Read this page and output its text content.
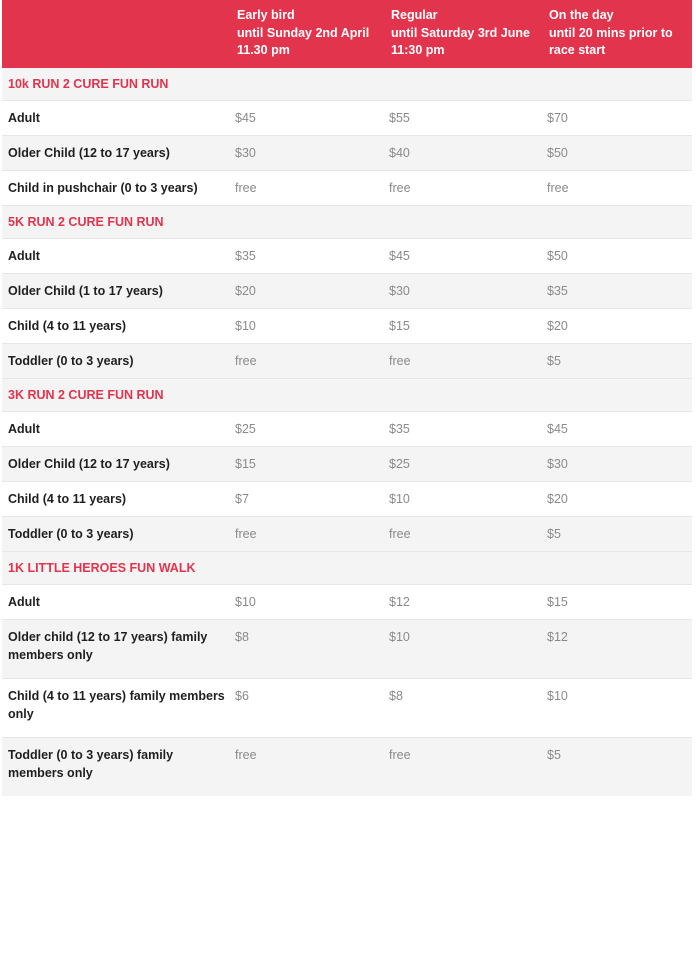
	Early bird
until Sunday 2nd April
11.30 pm	Regular
until Saturday 3rd June
11:30 pm	On the day
until 20 mins prior to
race start

10k RUN 2 CURE FUN RUN			
Adult	$45	$55	$70
Older Child (12 to 17 years)	$30	$40	$50
Child in pushchair (0 to 3 years)	free	free	free
5K RUN 2 CURE FUN RUN			
Adult	$35	$45	$50
Older Child (1 to 17 years)	$20	$30	$35
Child (4 to 11 years)	$10	$15	$20
Toddler (0 to 3 years)	free	free	$5
3K RUN 2 CURE FUN RUN			
Adult	$25	$35	$45
Older Child (12 to 17 years)	$15	$25	$30
Child (4 to 11 years)	$7	$10	$20
Toddler (0 to 3 years)	free	free	$5
1K LITTLE HEROES FUN WALK			
Adult	$10	$12	$15
Older child (12 to 17 years) family members only	$8	$10	$12
Child (4 to 11 years) family members only	$6	$8	$10
Toddler (0 to 3 years) family members only	free	free	$5
